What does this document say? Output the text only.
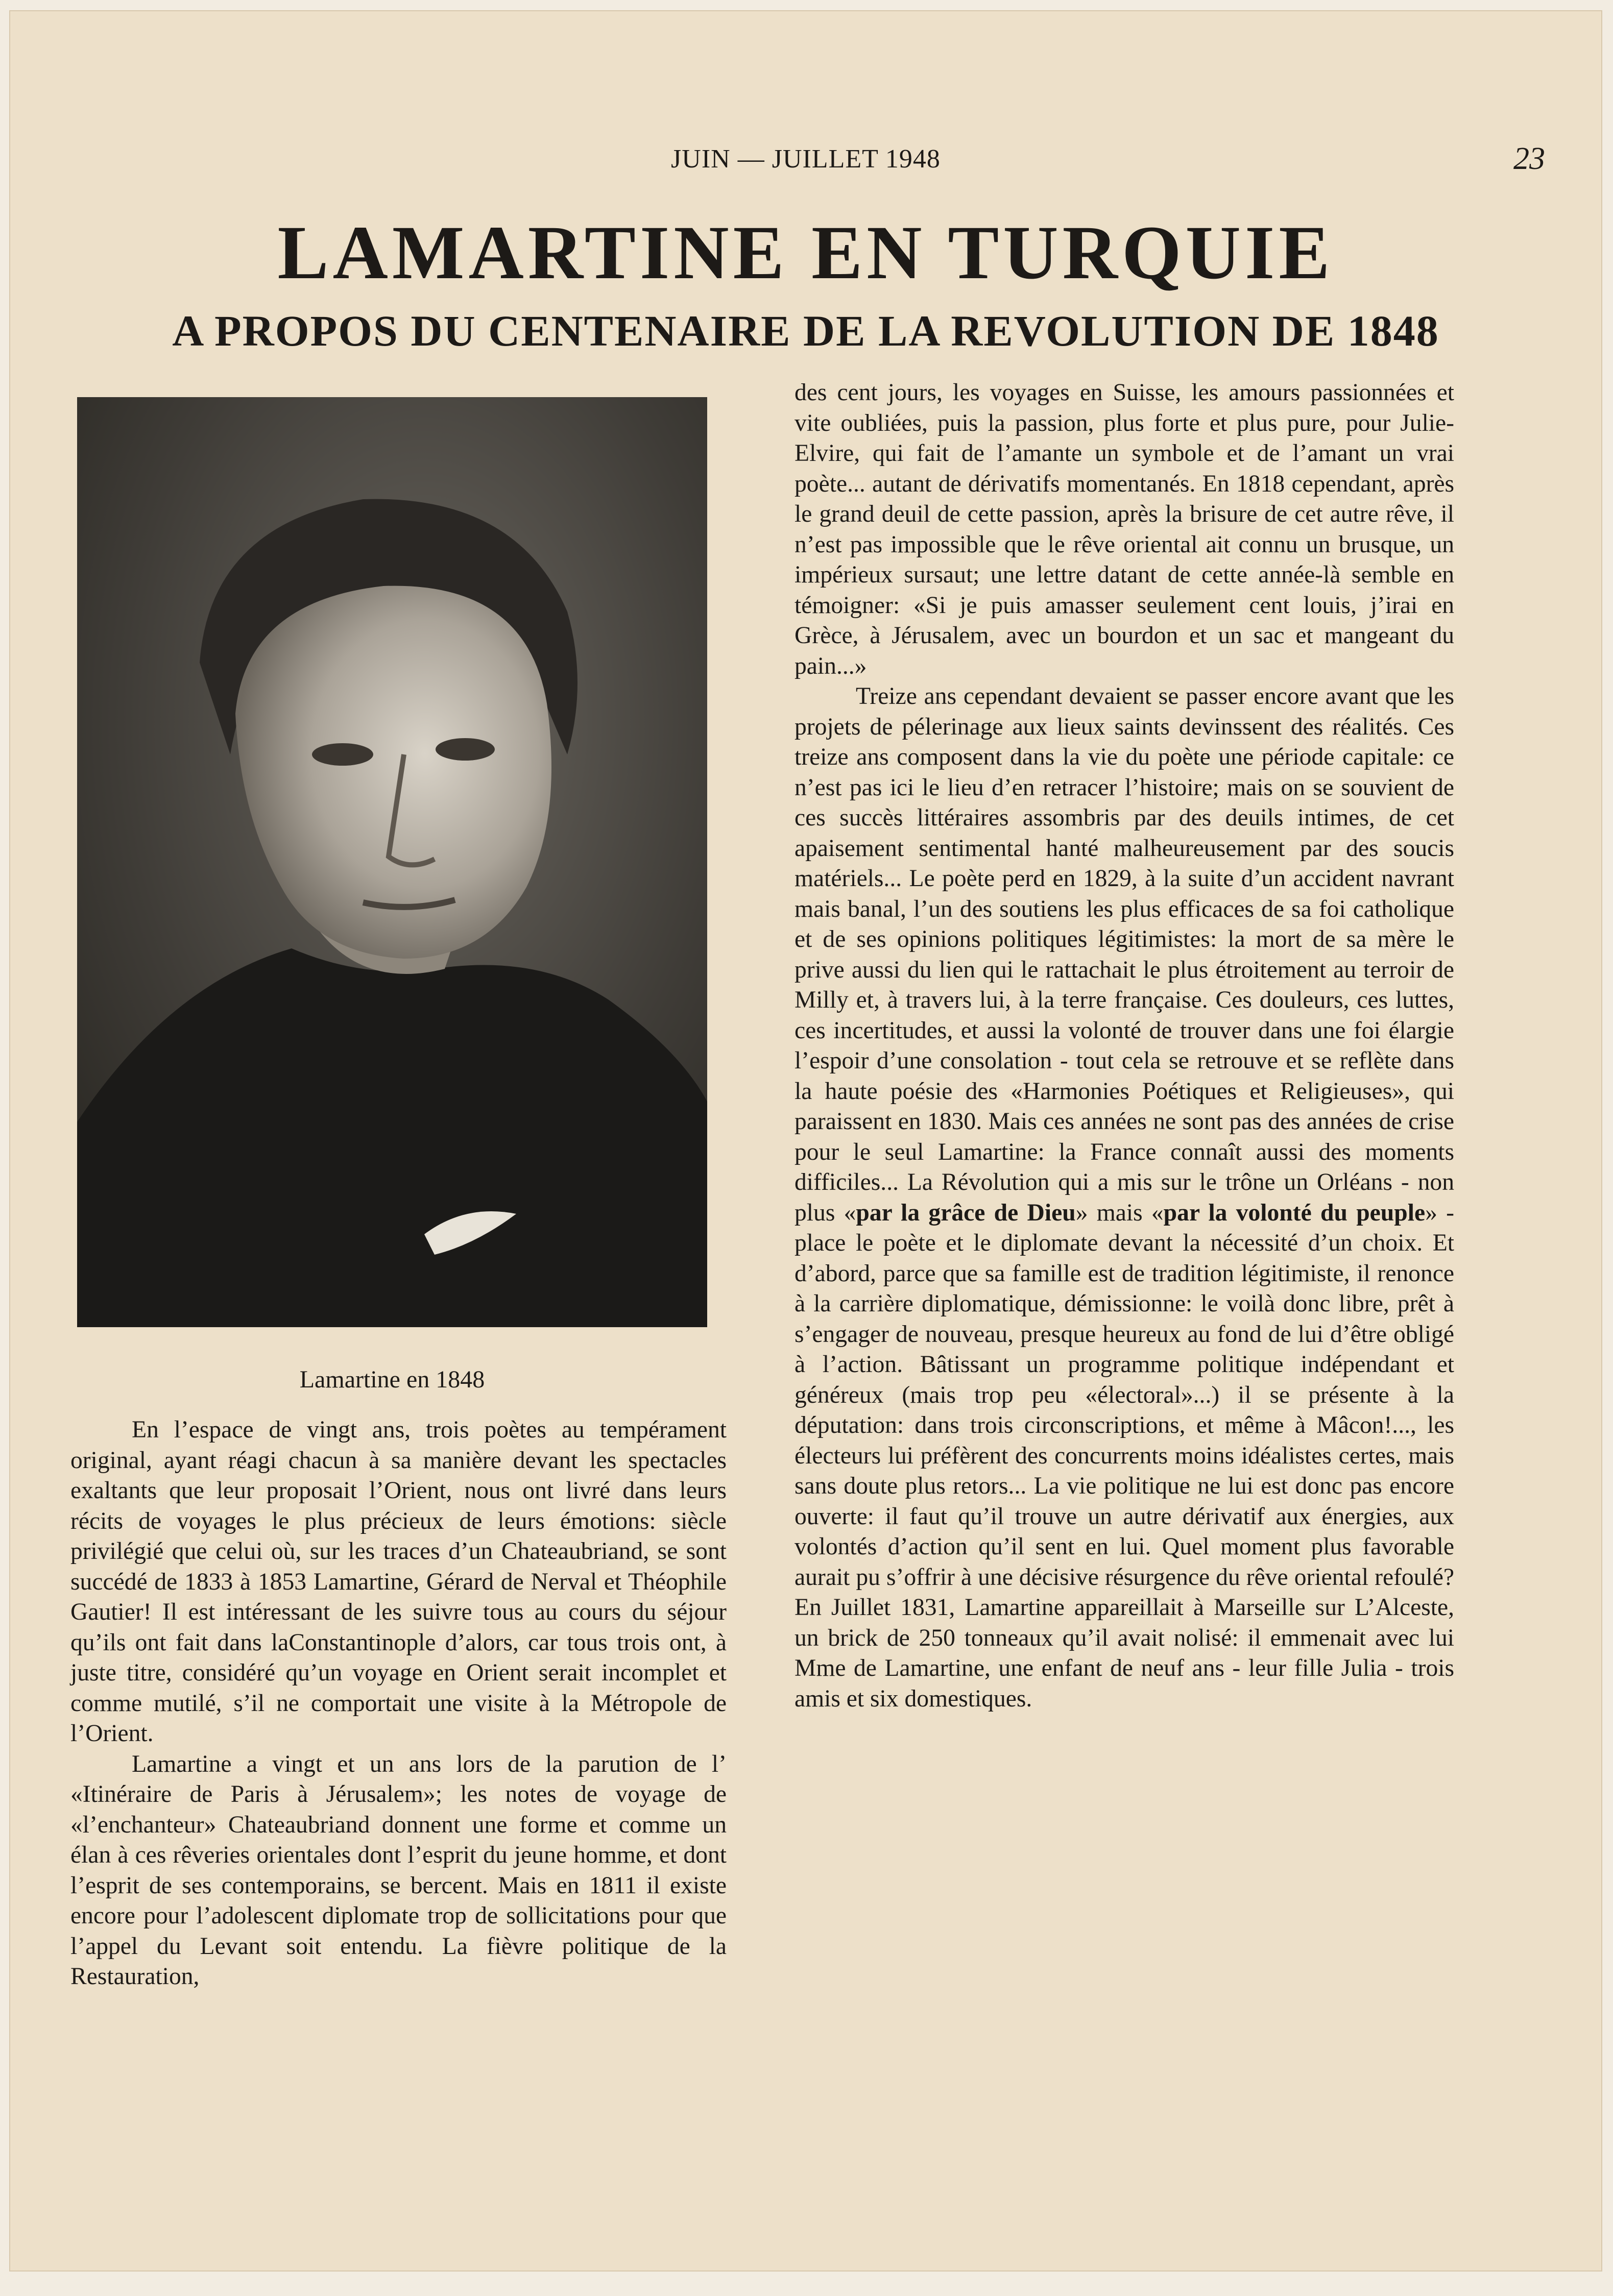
JUIN — JUILLET 1948	23
LAMARTINE EN TURQUIE
A PROPOS DU CENTENAIRE DE LA REVOLUTION DE 1848
Lamartine en 1848

En l’espace de vingt ans, trois poètes au tempérament original, ayant réagi chacun à sa manière devant les spectacles exaltants que leur proposait l’Orient, nous ont livré dans leurs récits de voyages le plus précieux de leurs émotions: siècle privilégié que celui où, sur les traces d’un Chateaubriand, se sont succédé de 1833 à 1853 Lamartine, Gérard de Nerval et Théophile Gautier! Il est intéressant de les suivre tous au cours du séjour qu’ils ont fait dans laConstantinople d’alors, car tous trois ont, à juste titre, considéré qu’un voyage en Orient serait incomplet et comme mutilé, s’il ne comportait une visite à la Métropole de l’Orient.

Lamartine a vingt et un ans lors de la parution de l’ «Itinéraire de Paris à Jérusalem»; les notes de voyage de «l’enchanteur» Chateaubriand donnent une forme et comme un élan à ces rêveries orientales dont l’esprit du jeune homme, et dont l’esprit de ses contemporains, se bercent. Mais en 1811 il existe encore pour l’adolescent diplomate trop de sollicitations pour que l’appel du Levant soit entendu. La fièvre politique de la Restauration,

des cent jours, les voyages en Suisse, les amours passionnées et vite oubliées, puis la passion, plus forte et plus pure, pour Julie-Elvire, qui fait de l’amante un symbole et de l’amant un vrai poète... autant de dérivatifs momentanés. En 1818 cependant, après le grand deuil de cette passion, après la brisure de cet autre rêve, il n’est pas impossible que le rêve oriental ait connu un brusque, un impérieux sursaut; une lettre datant de cette année-là semble en témoigner: «Si je puis amasser seulement cent louis, j’irai en Grèce, à Jérusalem, avec un bourdon et un sac et mangeant du pain...»

Treize ans cependant devaient se passer encore avant que les projets de pélerinage aux lieux saints devinssent des réalités. Ces treize ans composent dans la vie du poète une période capitale: ce n’est pas ici le lieu d’en retracer l’histoire; mais on se souvient de ces succès littéraires assombris par des deuils intimes, de cet apaisement sentimental hanté malheureusement par des soucis matériels... Le poète perd en 1829, à la suite d’un accident navrant mais banal, l’un des soutiens les plus efficaces de sa foi catholique et de ses opinions politiques légitimistes: la mort de sa mère le prive aussi du lien qui le rattachait le plus étroitement au terroir de Milly et, à travers lui, à la terre française. Ces douleurs, ces luttes, ces incertitudes, et aussi la volonté de trouver dans une foi élargie l’espoir d’une consolation - tout cela se retrouve et se reflète dans la haute poésie des «Harmonies Poétiques et Religieuses», qui paraissent en 1830. Mais ces années ne sont pas des années de crise pour le seul Lamartine: la France connaît aussi des moments difficiles... La Révolution qui a mis sur le trône un Orléans - non plus «par la grâce de Dieu» mais «par la volonté du peuple» - place le poète et le diplomate devant la nécessité d’un choix. Et d’abord, parce que sa famille est de tradition légitimiste, il renonce à la carrière diplomatique, démissionne: le voilà donc libre, prêt à s’engager de nouveau, presque heureux au fond de lui d’être obligé à l’action. Bâtissant un programme politique indépendant et généreux (mais trop peu «électoral»...) il se présente à la députation: dans trois circonscriptions, et même à Mâcon!..., les électeurs lui préfèrent des concurrents moins idéalistes certes, mais sans doute plus retors... La vie politique ne lui est donc pas encore ouverte: il faut qu’il trouve un autre dérivatif aux énergies, aux volontés d’action qu’il sent en lui. Quel moment plus favorable aurait pu s’offrir à une décisive résurgence du rêve oriental refoulé? En Juillet 1831, Lamartine appareillait à Marseille sur L’Alceste, un brick de 250 tonneaux qu’il avait nolisé: il emmenait avec lui Mme de Lamartine, une enfant de neuf ans - leur fille Julia - trois amis et six domestiques.
